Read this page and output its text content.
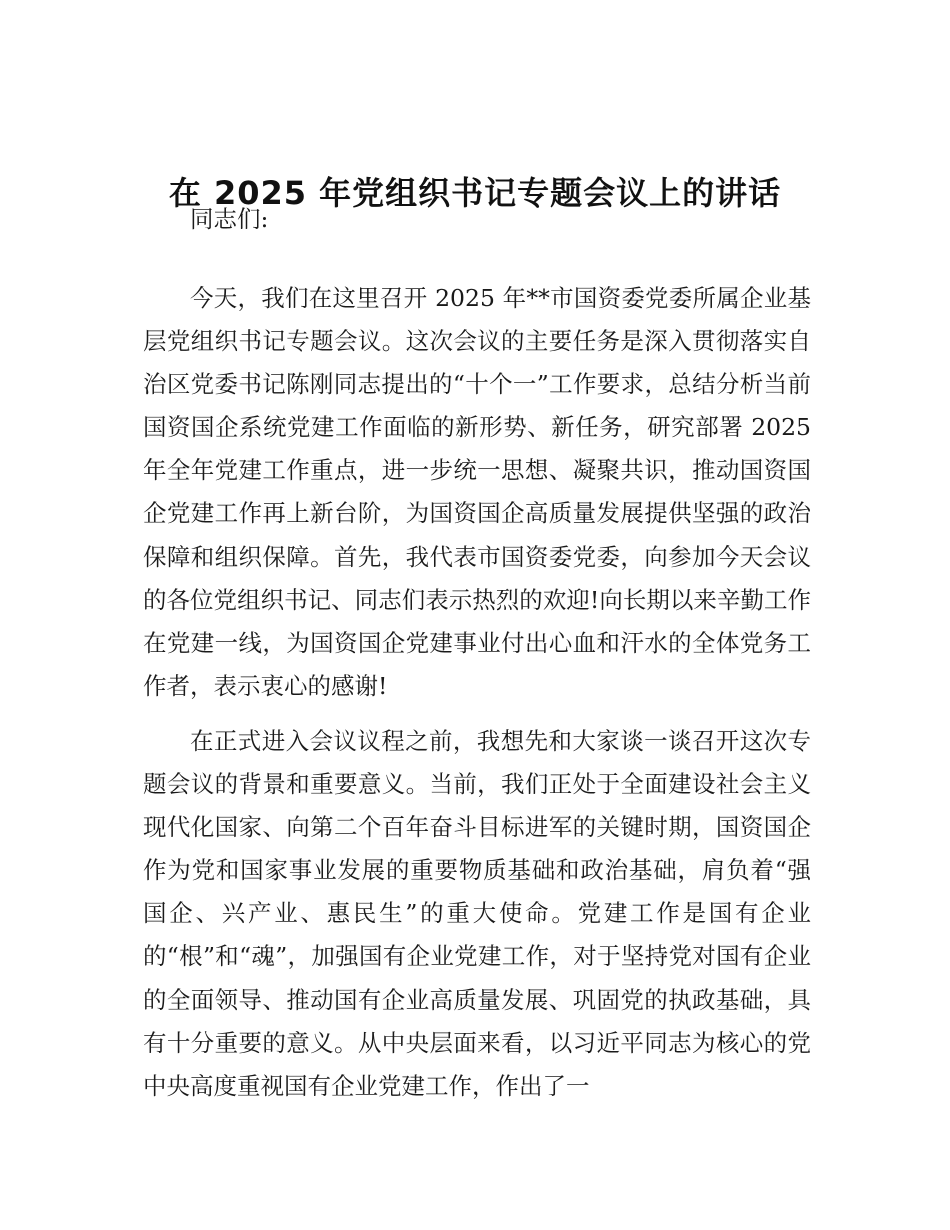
在 2025 年党组织书记专题会议上的讲话

同志们:

今天，我们在这里召开 2025 年**市国资委党委所属企业基层党组织书记专题会议。这次会议的主要任务是深入贯彻落实自治区党委书记陈刚同志提出的“十个一”工作要求，总结分析当前国资国企系统党建工作面临的新形势、新任务，研究部署 2025 年全年党建工作重点，进一步统一思想、凝聚共识，推动国资国企党建工作再上新台阶，为国资国企高质量发展提供坚强的政治保障和组织保障。首先，我代表市国资委党委，向参加今天会议的各位党组织书记、同志们表示热烈的欢迎!向长期以来辛勤工作在党建一线，为国资国企党建事业付出心血和汗水的全体党务工作者，表示衷心的感谢!

在正式进入会议议程之前，我想先和大家谈一谈召开这次专题会议的背景和重要意义。当前，我们正处于全面建设社会主义现代化国家、向第二个百年奋斗目标进军的关键时期，国资国企作为党和国家事业发展的重要物质基础和政治基础，肩负着“强国企、兴产业、惠民生”的重大使命。党建工作是国有企业的“根”和“魂”，加强国有企业党建工作，对于坚持党对国有企业的全面领导、推动国有企业高质量发展、巩固党的执政基础，具有十分重要的意义。从中央层面来看，以习近平同志为核心的党中央高度重视国有企业党建工作，作出了一
